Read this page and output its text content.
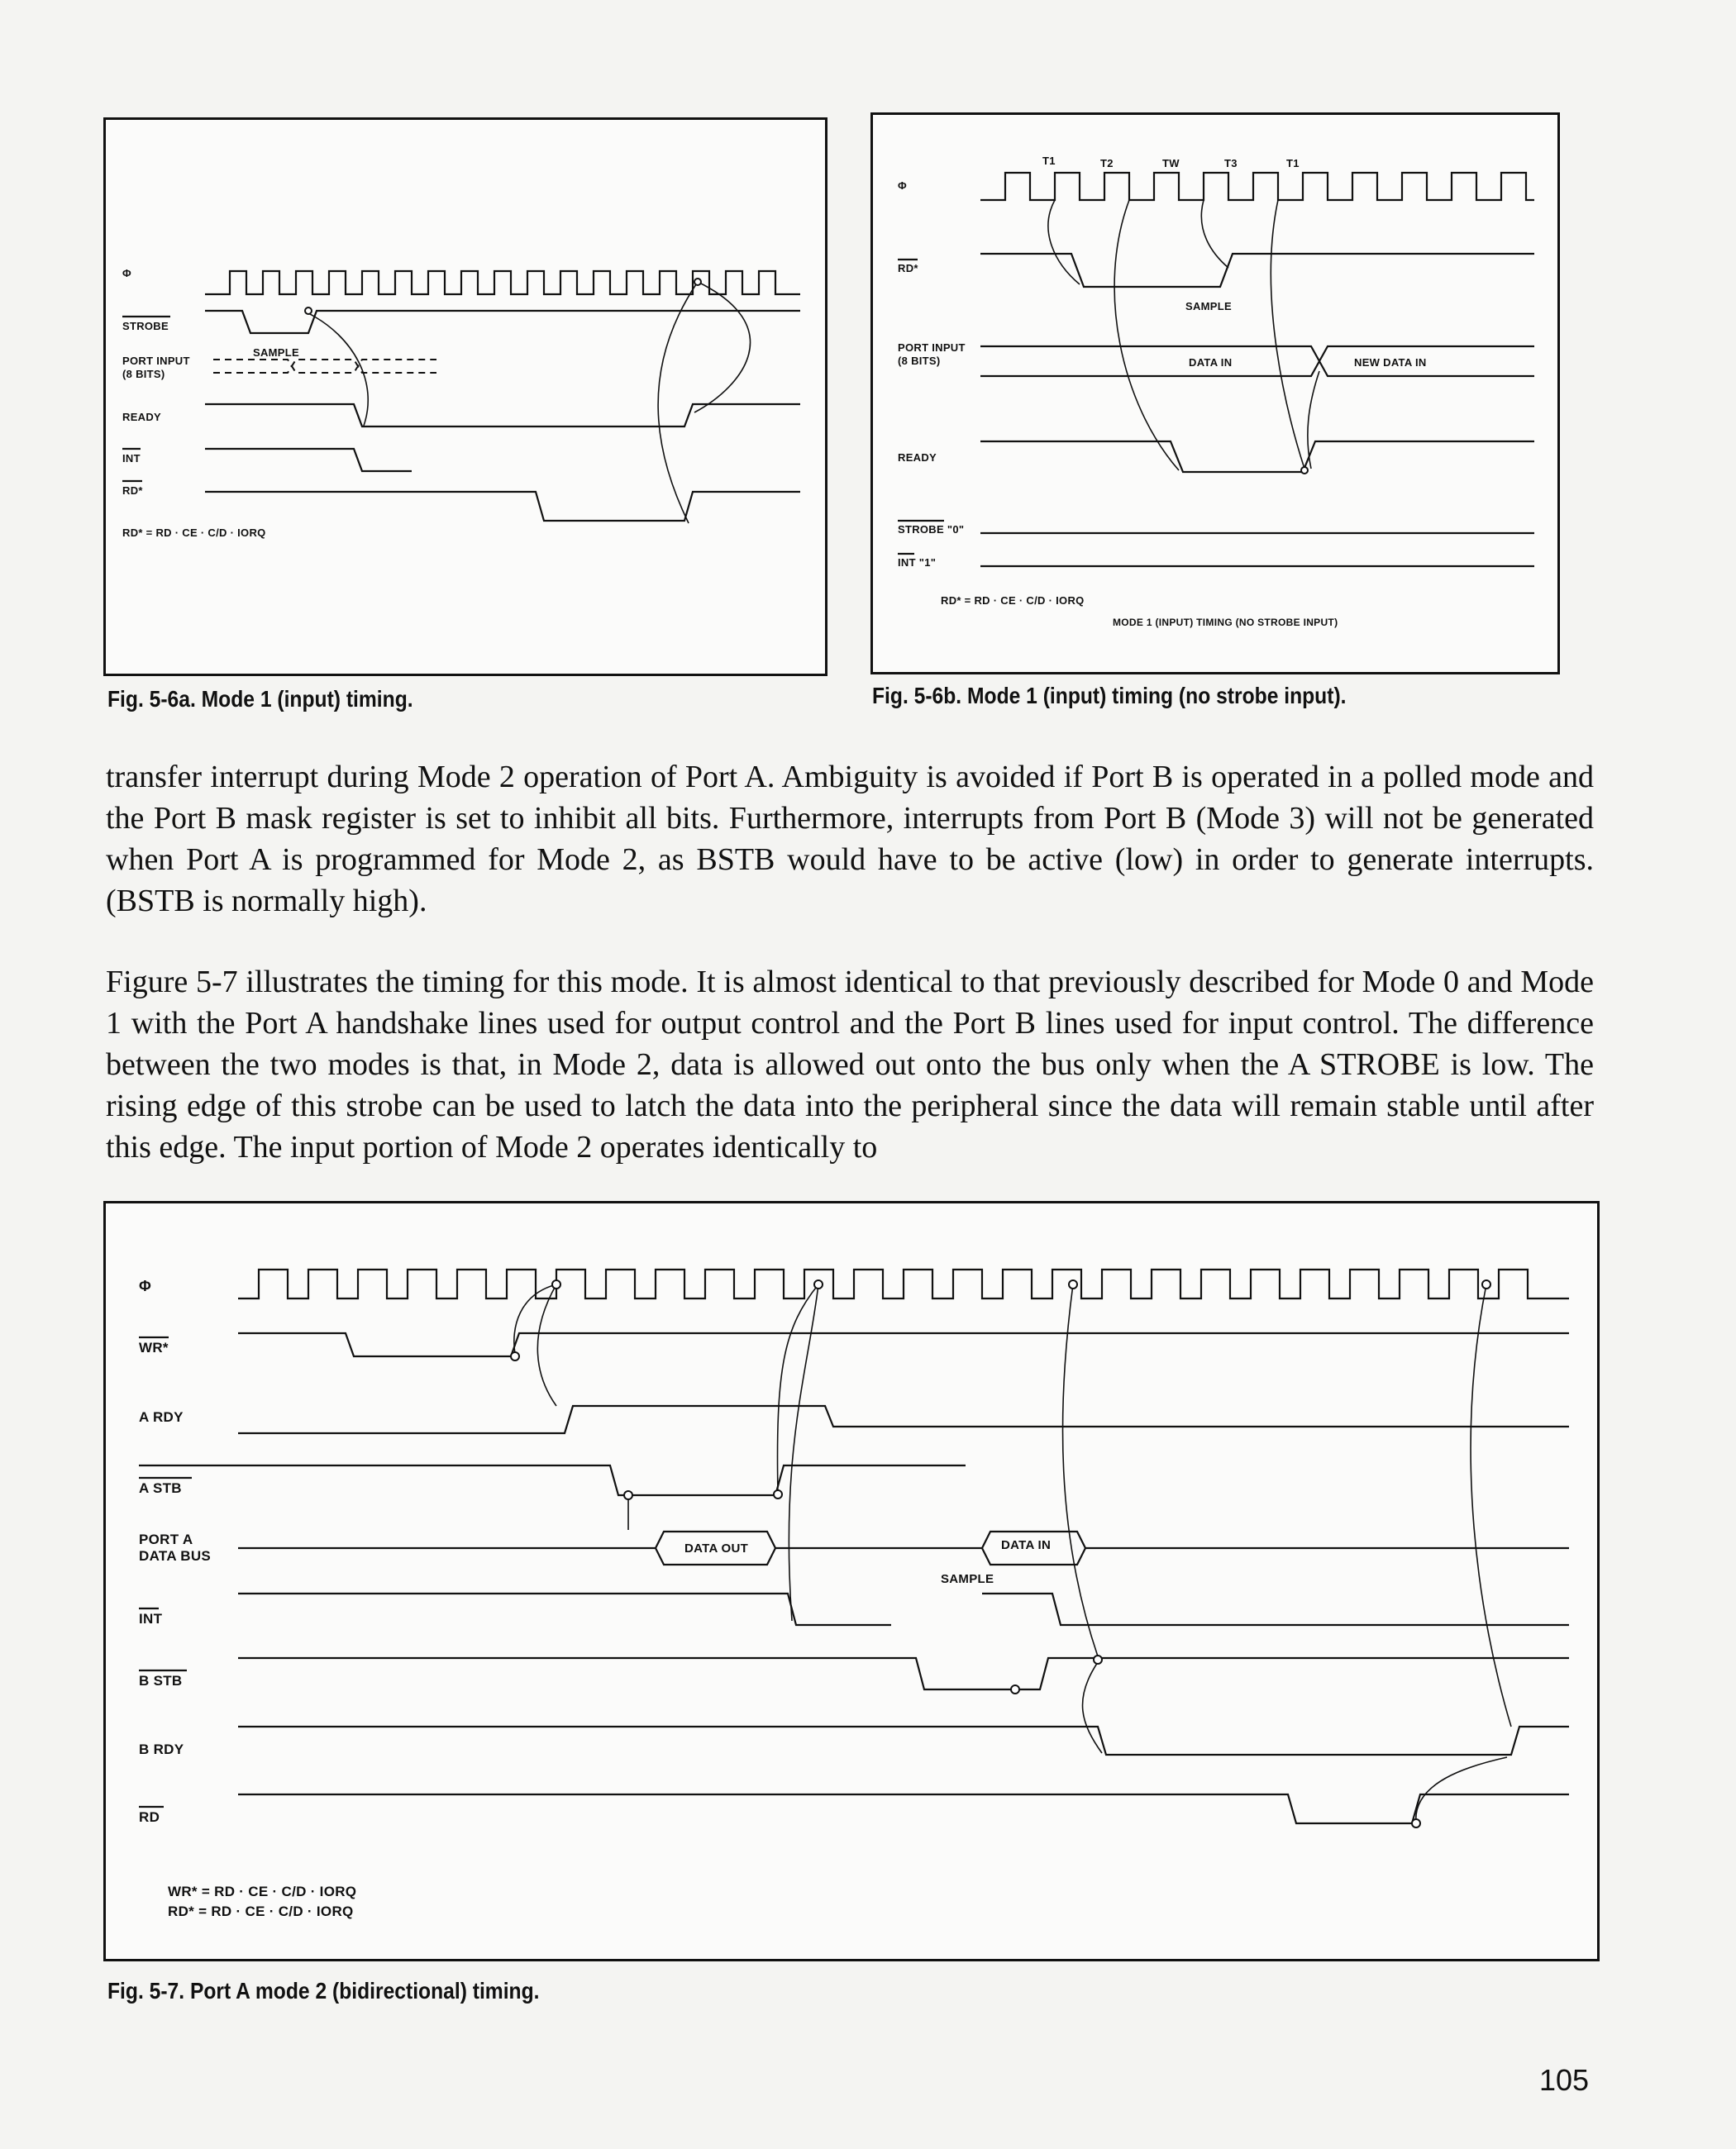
Φ
STROBE
SAMPLE
PORT INPUT
(8 BITS)
READY
INT
RD*
RD* = RD · CE · C/D · IORQ
Fig. 5-6a. Mode 1 (input) timing.
T1	T2	TW	T3	T1
Φ
RD*
SAMPLE
PORT INPUT
(8 BITS)	DATA IN	NEW DATA IN
READY
STROBE "0"
INT "1"
RD* = RD · CE · C/D · IORQ
MODE 1 (INPUT) TIMING (NO STROBE INPUT)
Fig. 5-6b. Mode 1 (input) timing (no strobe input).

transfer interrupt during Mode 2 operation of Port A. Ambiguity is avoided if Port B is operated in a polled mode and the Port B mask register is set to inhibit all bits. Furthermore, interrupts from Port B (Mode 3) will not be generated when Port A is programmed for Mode 2, as BSTB would have to be active (low) in order to generate interrupts. (BSTB is normally high).

Figure 5-7 illustrates the timing for this mode. It is almost identical to that previously described for Mode 0 and Mode 1 with the Port A handshake lines used for output control and the Port B lines used for input control. The difference between the two modes is that, in Mode 2, data is allowed out onto the bus only when the A STROBE is low. The rising edge of this strobe can be used to latch the data into the peripheral since the data will remain stable until after this edge. The input portion of Mode 2 operates identically to

Φ
WR*
A RDY
A STB
PORT A
DATA BUS	DATA OUT	DATA IN
SAMPLE
INT
B STB
B RDY
RD
WR* = RD · CE · C/D · IORQ
RD* = RD · CE · C/D · IORQ
Fig. 5-7. Port A mode 2 (bidirectional) timing.
105
